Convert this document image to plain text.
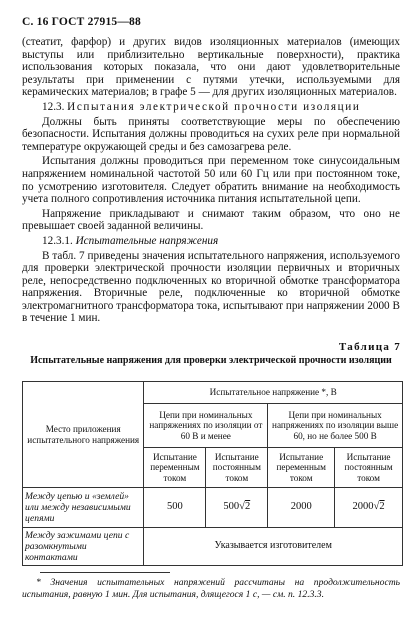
С. 16 ГОСТ 27915—88

(стеатит, фарфор) и других видов изоляционных материалов (имеющих выступы или приблизительно вертикальные поверхности), практика использования которых показала, что они дают удовлетворительные результаты при применении с путями утечки, используемыми для керамических материалов; в графе 5 — для других изоляционных материалов.

12.3. Испытания электрической прочности изоляции

Должны быть приняты соответствующие меры по обеспечению безопасности. Испытания должны проводиться на сухих реле при нормальной температуре окружающей среды и без самозагрева реле.

Испытания должны проводиться при переменном токе синусоидальным напряжением номинальной частотой 50 или 60 Гц или при постоянном токе, по усмотрению изготовителя. Следует обратить внимание на необходимость учета полного сопротивления источника питания испытательной цепи.

Напряжение прикладывают и снимают таким образом, что оно не превышает своей заданной величины.

12.3.1. Испытательные напряжения

В табл. 7 приведены значения испытательного напряжения, используемого для проверки электрической прочности изоляции первичных и вторичных реле, непосредственно подключенных ко вторичной обмотке трансформатора напряжения. Вторичные реле, подключенные ко вторичной обмотке электромагнитного трансформатора тока, испытывают при напряжении 2000 В в течение 1 мин.

Таблица 7
Испытательные напряжения для проверки электрической прочности изоляции
Место приложения испытательного напряжения	Испытательное напряжение *, В			
	Цепи при номинальных напряжениях по изоляции от 60 В и менее		Цепи при номинальных напряжениях по изоляции выше 60, но не более 500 В	
	Испытание переменным током	Испытание постоянным током	Испытание переменным током	Испытание постоянным током
Между цепью и «землей» или между независимыми цепями	500	500√2	2000	2000√2
Между зажимами цепи с разомкнутыми контактами	Указывается изготовителем			
* Значения испытательных напряжений рассчитаны на продолжительность испытания, равную 1 мин. Для испытания, длящегося 1 с, — см. п. 12.3.3.
